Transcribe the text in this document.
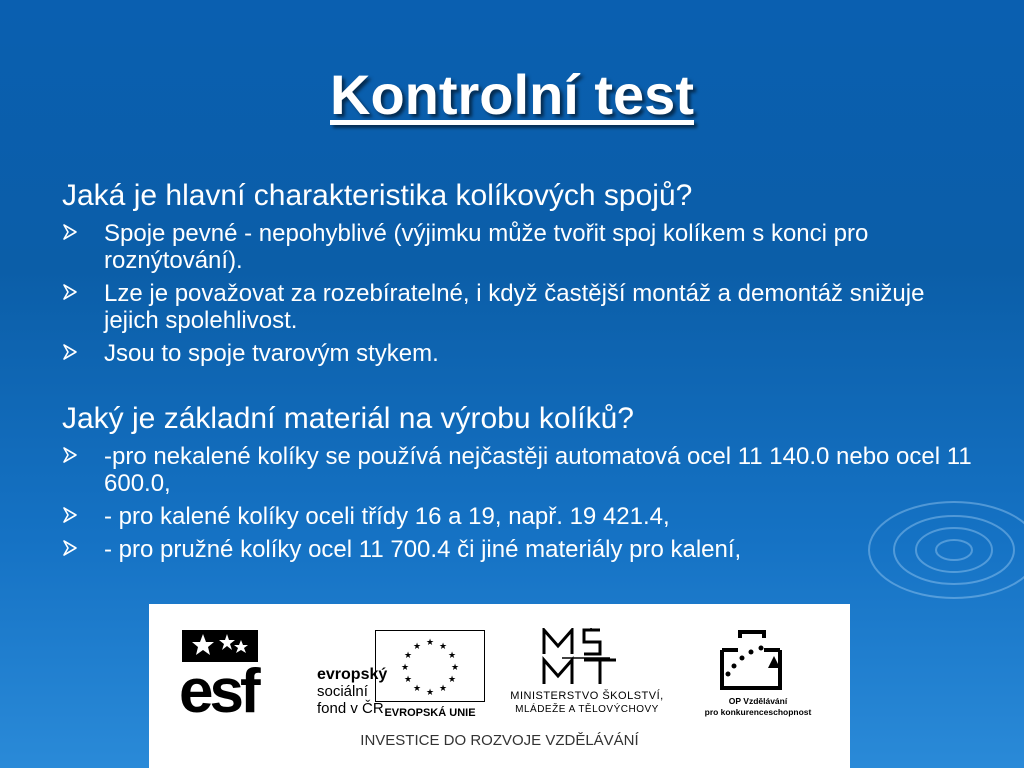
Kontrolní test
Jaká je hlavní charakteristika kolíkových spojů?
Spoje pevné - nepohyblivé (výjimku může tvořit spoj kolíkem s konci pro roznýtování).
Lze je považovat za rozebíratelné, i když častější montáž a demontáž snižuje jejich spolehlivost.
Jsou to spoje tvarovým stykem.
Jaký je základní materiál na výrobu kolíků?
-pro nekalené kolíky se používá nejčastěji automatová ocel 11 140.0 nebo ocel 11 600.0,
- pro kalené kolíky oceli třídy 16 a 19, např. 19 421.4,
- pro pružné kolíky ocel 11 700.4 či jiné materiály pro kalení,
esf	evropský
sociální
fond v ČR
★ ★
★
★
★
★
★
★
★
★
★
★
EVROPSKÁ UNIE
MINISTERSTVO ŠKOLSTVÍ,
MLÁDEŽE A TĚLOVÝCHOVY
OP Vzdělávání
pro konkurenceschopnost
INVESTICE DO ROZVOJE VZDĚLÁVÁNÍ
